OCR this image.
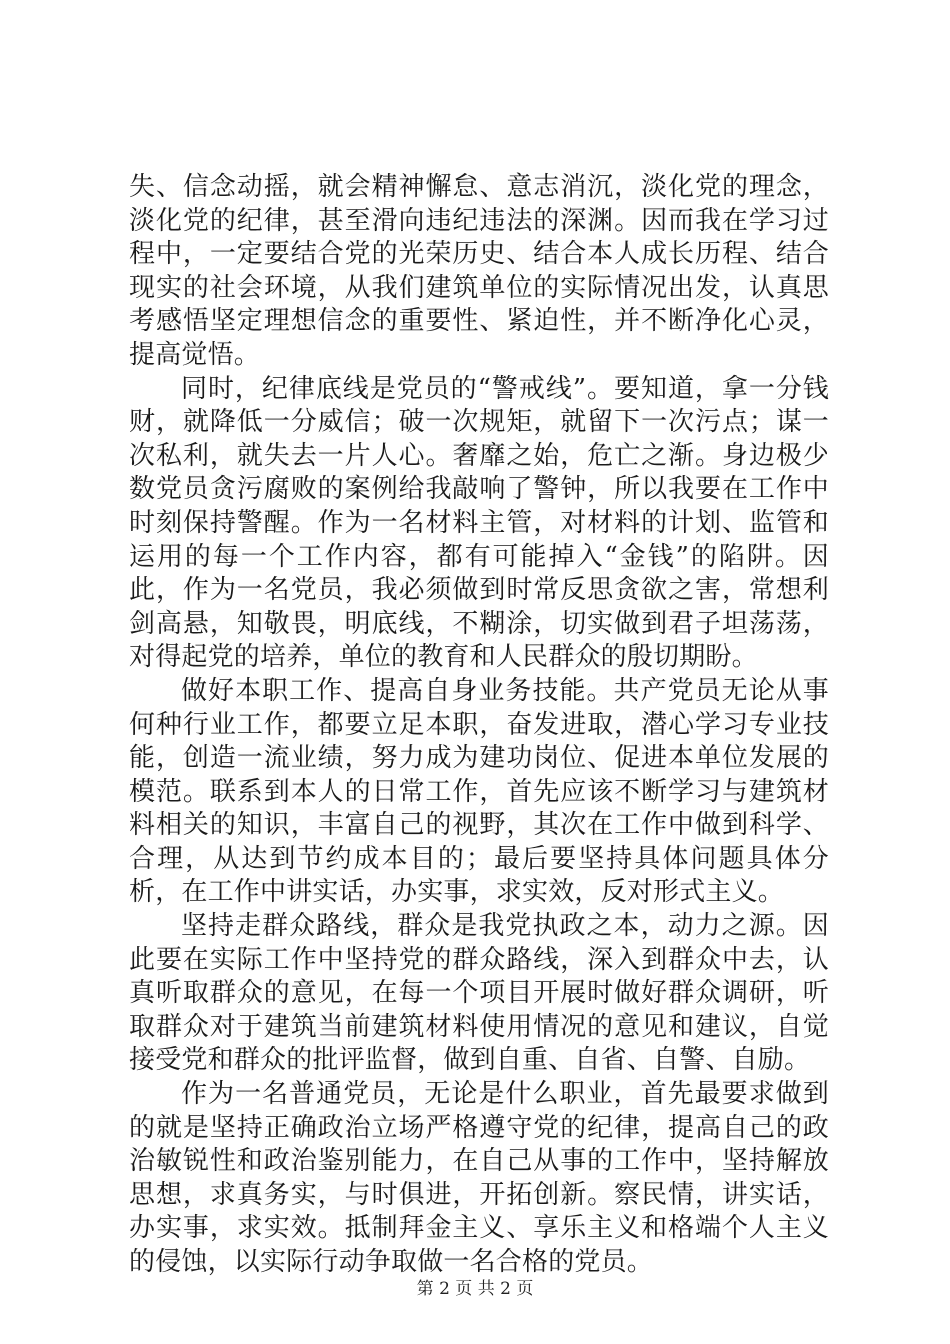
失、信念动摇，就会精神懈怠、意志消沉，淡化党的理念，淡化党的纪律，甚至滑向违纪违法的深渊。因而我在学习过程中，一定要结合党的光荣历史、结合本人成长历程、结合现实的社会环境，从我们建筑单位的实际情况出发，认真思考感悟坚定理想信念的重要性、紧迫性，并不断净化心灵，提高觉悟。

同时，纪律底线是党员的“警戒线”。要知道，拿一分钱财，就降低一分威信；破一次规矩，就留下一次污点；谋一次私利，就失去一片人心。奢靡之始，危亡之渐。身边极少数党员贪污腐败的案例给我敲响了警钟，所以我要在工作中时刻保持警醒。作为一名材料主管，对材料的计划、监管和运用的每一个工作内容，都有可能掉入“金钱”的陷阱。因此，作为一名党员，我必须做到时常反思贪欲之害，常想利剑高悬，知敬畏，明底线，不糊涂，切实做到君子坦荡荡，对得起党的培养，单位的教育和人民群众的殷切期盼。

做好本职工作、提高自身业务技能。共产党员无论从事何种行业工作，都要立足本职，奋发进取，潜心学习专业技能，创造一流业绩，努力成为建功岗位、促进本单位发展的模范。联系到本人的日常工作，首先应该不断学习与建筑材料相关的知识，丰富自己的视野，其次在工作中做到科学、合理，从达到节约成本目的；最后要坚持具体问题具体分析，在工作中讲实话，办实事，求实效，反对形式主义。

坚持走群众路线，群众是我党执政之本，动力之源。因此要在实际工作中坚持党的群众路线，深入到群众中去，认真听取群众的意见，在每一个项目开展时做好群众调研，听取群众对于建筑当前建筑材料使用情况的意见和建议，自觉接受党和群众的批评监督，做到自重、自省、自警、自励。

作为一名普通党员，无论是什么职业，首先最要求做到的就是坚持正确政治立场严格遵守党的纪律，提高自己的政治敏锐性和政治鉴别能力，在自己从事的工作中，坚持解放思想，求真务实，与时俱进，开拓创新。察民情，讲实话，办实事，求实效。抵制拜金主义、享乐主义和格端个人主义的侵蚀，以实际行动争取做一名合格的党员。

第 2 页 共 2 页
